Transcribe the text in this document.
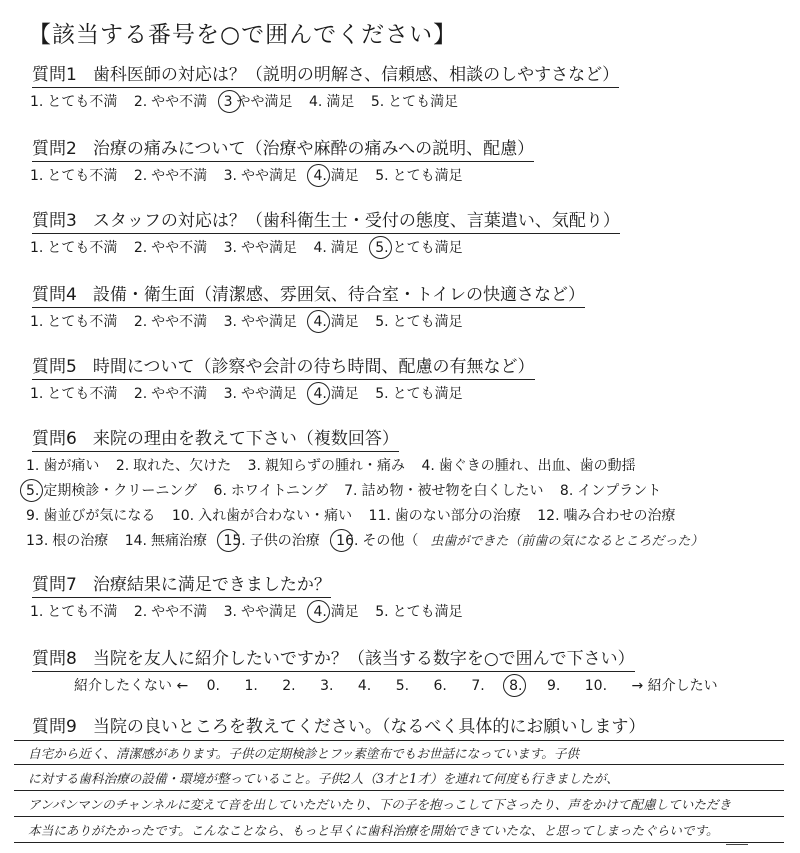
【該当する番号を○で囲んでください】
質問1 歯科医師の対応は？（説明の明解さ、信頼感、相談のしやすさなど）
1. とても不満 2. やや不満 3 やや満足 4. 満足 5. とても満足
質問2 治療の痛みについて（治療や麻酔の痛みへの説明、配慮）
1. とても不満 2. やや不満 3. やや満足 4. 満足 5. とても満足
質問3 スタッフの対応は？（歯科衛生士・受付の態度、言葉遣い、気配り）
1. とても不満 2. やや不満 3. やや満足 4. 満足 5. とても満足
質問4 設備・衛生面（清潔感、雰囲気、待合室・トイレの快適さなど）
1. とても不満 2. やや不満 3. やや満足 4. 満足 5. とても満足
質問5 時間について（診察や会計の待ち時間、配慮の有無など）
1. とても不満 2. やや不満 3. やや満足 4. 満足 5. とても満足
質問6 来院の理由を教えて下さい（複数回答）
1. 歯が痛い 2. 取れた、欠けた 3. 親知らずの腫れ・痛み 4. 歯ぐきの腫れ、出血、歯の動揺
5. 定期検診・クリーニング 6. ホワイトニング 7. 詰め物・被せ物を白くしたい 8. インプラント
9. 歯並びが気になる 10. 入れ歯が合わない・痛い 11. 歯のない部分の治療 12. 噛み合わせの治療
13. 根の治療 14. 無痛治療 15. 子供の治療 16. その他（ 虫歯ができた（前歯の気になるところだった）
質問7 治療結果に満足できましたか？
1. とても不満 2. やや不満 3. やや満足 4. 満足 5. とても満足
質問8 当院を友人に紹介したいですか？（該当する数字を○で囲んで下さい）
紹介したくない ← 0. 1. 2. 3. 4. 5. 6. 7. 8. 9. 10. → 紹介したい
質問9 当院の良いところを教えてください。（なるべく具体的にお願いします）
自宅から近く、清潔感があります。子供の定期検診とフッ素塗布でもお世話になっています。子供
に対する歯科治療の設備・環境が整っていること。子供2人（3才と1才）を連れて何度も行きましたが、
アンパンマンのチャンネルに変えて音を出していただいたり、下の子を抱っこして下さったり、声をかけて配慮していただき
本当にありがたかったです。こんなことなら、もっと早くに歯科治療を開始できていたな、と思ってしまったぐらいです。
